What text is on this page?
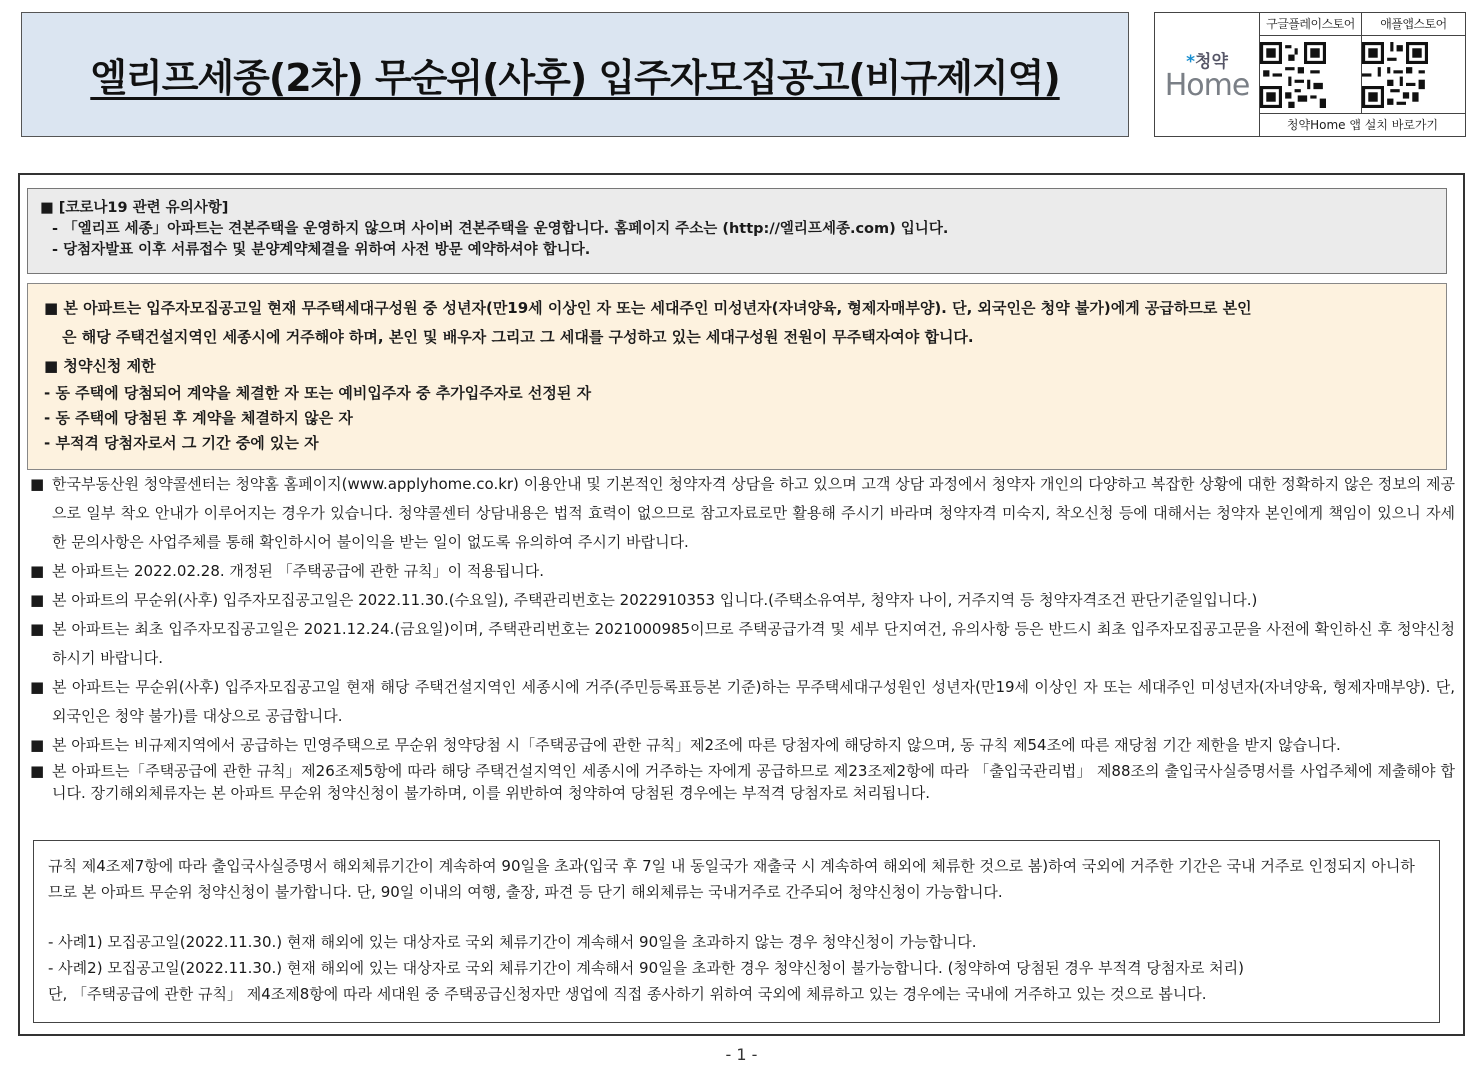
엘리프세종(2차) 무순위(사후) 입주자모집공고(비규제지역)	*청약
Home
구글플레이스토어	애플앱스토어
청약Home 앱 설치 바로가기
■ [코로나19 관련 유의사항]
- 「엘리프 세종」아파트는 견본주택을 운영하지 않으며 사이버 견본주택을 운영합니다. 홈페이지 주소는 (http://엘리프세종.com) 입니다.
- 당첨자발표 이후 서류접수 및 분양계약체결을 위하여 사전 방문 예약하셔야 합니다.

■ 본 아파트는 입주자모집공고일 현재 무주택세대구성원 중 성년자(만19세 이상인 자 또는 세대주인 미성년자(자녀양육, 형제자매부양). 단, 외국인은 청약 불가)에게 공급하므로 본인

은 해당 주택건설지역인 세종시에 거주해야 하며, 본인 및 배우자 그리고 그 세대를 구성하고 있는 세대구성원 전원이 무주택자여야 합니다.

■ 청약신청 제한

- 동 주택에 당첨되어 계약을 체결한 자 또는 예비입주자 중 추가입주자로 선정된 자

- 동 주택에 당첨된 후 계약을 체결하지 않은 자

- 부적격 당첨자로서 그 기간 중에 있는 자

■ 한국부동산원 청약콜센터는 청약홈 홈페이지(www.applyhome.co.kr) 이용안내 및 기본적인 청약자격 상담을 하고 있으며 고객 상담 과정에서 청약자 개인의 다양하고 복잡한 상황에 대한 정확하지 않은 정보의 제공으로 일부 착오 안내가 이루어지는 경우가 있습니다. 청약콜센터 상담내용은 법적 효력이 없으므로 참고자료로만 활용해 주시기 바라며 청약자격 미숙지, 착오신청 등에 대해서는 청약자 본인에게 책임이 있으니 자세한 문의사항은 사업주체를 통해 확인하시어 불이익을 받는 일이 없도록 유의하여 주시기 바랍니다.
■ 본 아파트는 2022.02.28. 개정된 「주택공급에 관한 규칙」이 적용됩니다.
■ 본 아파트의 무순위(사후) 입주자모집공고일은 2022.11.30.(수요일), 주택관리번호는 2022910353 입니다.(주택소유여부, 청약자 나이, 거주지역 등 청약자격조건 판단기준일입니다.)
■ 본 아파트는 최초 입주자모집공고일은 2021.12.24.(금요일)이며, 주택관리번호는 2021000985이므로 주택공급가격 및 세부 단지여건, 유의사항 등은 반드시 최초 입주자모집공고문을 사전에 확인하신 후 청약신청하시기 바랍니다.
■ 본 아파트는 무순위(사후) 입주자모집공고일 현재 해당 주택건설지역인 세종시에 거주(주민등록표등본 기준)하는 무주택세대구성원인 성년자(만19세 이상인 자 또는 세대주인 미성년자(자녀양육, 형제자매부양). 단, 외국인은 청약 불가)를 대상으로 공급합니다.
■ 본 아파트는 비규제지역에서 공급하는 민영주택으로 무순위 청약당첨 시「주택공급에 관한 규칙」제2조에 따른 당첨자에 해당하지 않으며, 동 규칙 제54조에 따른 재당첨 기간 제한을 받지 않습니다.
■ 본 아파트는「주택공급에 관한 규칙」제26조제5항에 따라 해당 주택건설지역인 세종시에 거주하는 자에게 공급하므로 제23조제2항에 따라 「출입국관리법」 제88조의 출입국사실증명서를 사업주체에 제출해야 합니다. 장기해외체류자는 본 아파트 무순위 청약신청이 불가하며, 이를 위반하여 청약하여 당첨된 경우에는 부적격 당첨자로 처리됩니다.

규칙 제4조제7항에 따라 출입국사실증명서 해외체류기간이 계속하여 90일을 초과(입국 후 7일 내 동일국가 재출국 시 계속하여 해외에 체류한 것으로 봄)하여 국외에 거주한 기간은 국내 거주로 인정되지 아니하므로 본 아파트 무순위 청약신청이 불가합니다. 단, 90일 이내의 여행, 출장, 파견 등 단기 해외체류는 국내거주로 간주되어 청약신청이 가능합니다.

- 사례1) 모집공고일(2022.11.30.) 현재 해외에 있는 대상자로 국외 체류기간이 계속해서 90일을 초과하지 않는 경우 청약신청이 가능합니다.

- 사례2) 모집공고일(2022.11.30.) 현재 해외에 있는 대상자로 국외 체류기간이 계속해서 90일을 초과한 경우 청약신청이 불가능합니다. (청약하여 당첨된 경우 부적격 당첨자로 처리)

단, 「주택공급에 관한 규칙」 제4조제8항에 따라 세대원 중 주택공급신청자만 생업에 직접 종사하기 위하여 국외에 체류하고 있는 경우에는 국내에 거주하고 있는 것으로 봅니다.

- 1 -
